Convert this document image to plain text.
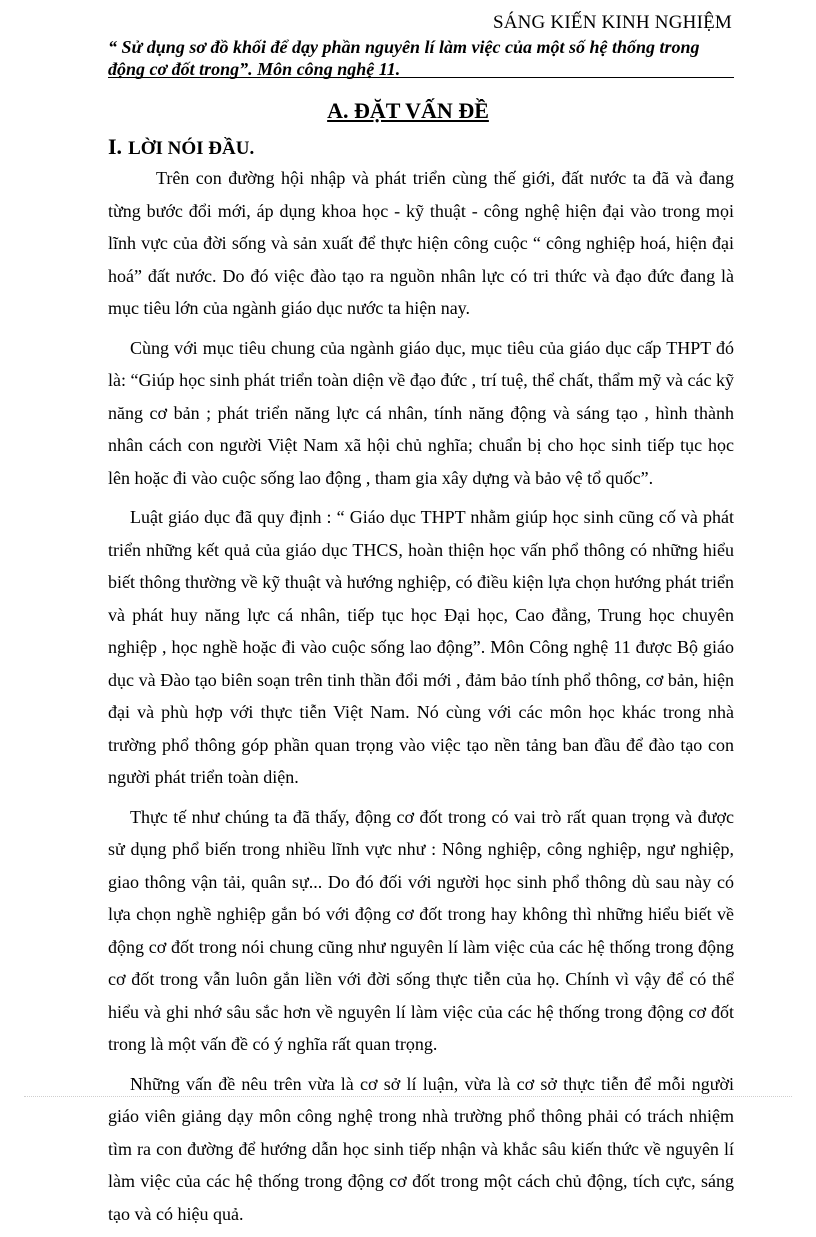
SÁNG KIẾN KINH NGHIỆM
“ Sử dụng sơ đồ khối để dạy phần nguyên lí làm việc của một số hệ thống trong động cơ đốt trong”. Môn công nghệ 11.
A. ĐẶT VẤN ĐỀ
I. LỜI NÓI ĐẦU.

Trên con đường hội nhập và phát triển cùng thế giới, đất nước ta đã và đang từng bước đổi mới, áp dụng khoa học - kỹ thuật - công nghệ hiện đại vào trong mọi lĩnh vực của đời sống và sản xuất để thực hiện công cuộc “ công nghiệp hoá, hiện đại hoá” đất nước. Do đó việc đào tạo ra nguồn nhân lực có tri thức và đạo đức đang là mục tiêu lớn của ngành giáo dục nước ta hiện nay.

Cùng với mục tiêu chung của ngành giáo dục, mục tiêu của giáo dục cấp THPT đó là: “Giúp học sinh phát triển toàn diện về đạo đức , trí tuệ, thể chất, thẩm mỹ và các kỹ năng cơ bản ; phát triển năng lực cá nhân, tính năng động và sáng tạo , hình thành nhân cách con người Việt Nam xã hội chủ nghĩa; chuẩn bị cho học sinh tiếp tục học lên hoặc đi vào cuộc sống lao động , tham gia xây dựng và bảo vệ tổ quốc”.

Luật giáo dục đã quy định : “ Giáo dục THPT nhằm giúp học sinh cũng cố và phát triển những kết quả của giáo dục THCS, hoàn thiện học vấn phổ thông có những hiểu biết thông thường về kỹ thuật và hướng nghiệp, có điều kiện lựa chọn hướng phát triển và phát huy năng lực cá nhân, tiếp tục học Đại học, Cao đẳng, Trung học chuyên nghiệp , học nghề hoặc đi vào cuộc sống lao động”. Môn Công nghệ 11 được Bộ giáo dục và Đào tạo biên soạn trên tinh thần đổi mới , đảm bảo tính phổ thông, cơ bản, hiện đại và phù hợp với thực tiễn Việt Nam. Nó cùng với các môn học khác trong nhà trường phổ thông góp phần quan trọng vào việc tạo nền tảng ban đầu để đào tạo con người phát triển toàn diện.

Thực tế như chúng ta đã thấy, động cơ đốt trong có vai trò rất quan trọng và được sử dụng phổ biến trong nhiều lĩnh vực như : Nông nghiệp, công nghiệp, ngư nghiệp, giao thông vận tải, quân sự... Do đó đối với người học sinh phổ thông dù sau này có lựa chọn nghề nghiệp gắn bó với động cơ đốt trong hay không thì những hiểu biết về động cơ đốt trong nói chung cũng như nguyên lí làm việc của các hệ thống trong động cơ đốt trong vẫn luôn gắn liền với đời sống thực tiễn của họ. Chính vì vậy để có thể hiểu và ghi nhớ sâu sắc hơn về nguyên lí làm việc của các hệ thống trong động cơ đốt trong là một vấn đề có ý nghĩa rất quan trọng.

Những vấn đề nêu trên vừa là cơ sở lí luận, vừa là cơ sở thực tiễn để mỗi người giáo viên giảng dạy môn công nghệ trong nhà trường phổ thông phải có trách nhiệm tìm ra con đường để hướng dẫn học sinh tiếp nhận và khắc sâu kiến thức về nguyên lí làm việc của các hệ thống trong động cơ đốt trong một cách chủ động, tích cực, sáng tạo và có hiệu quả.
